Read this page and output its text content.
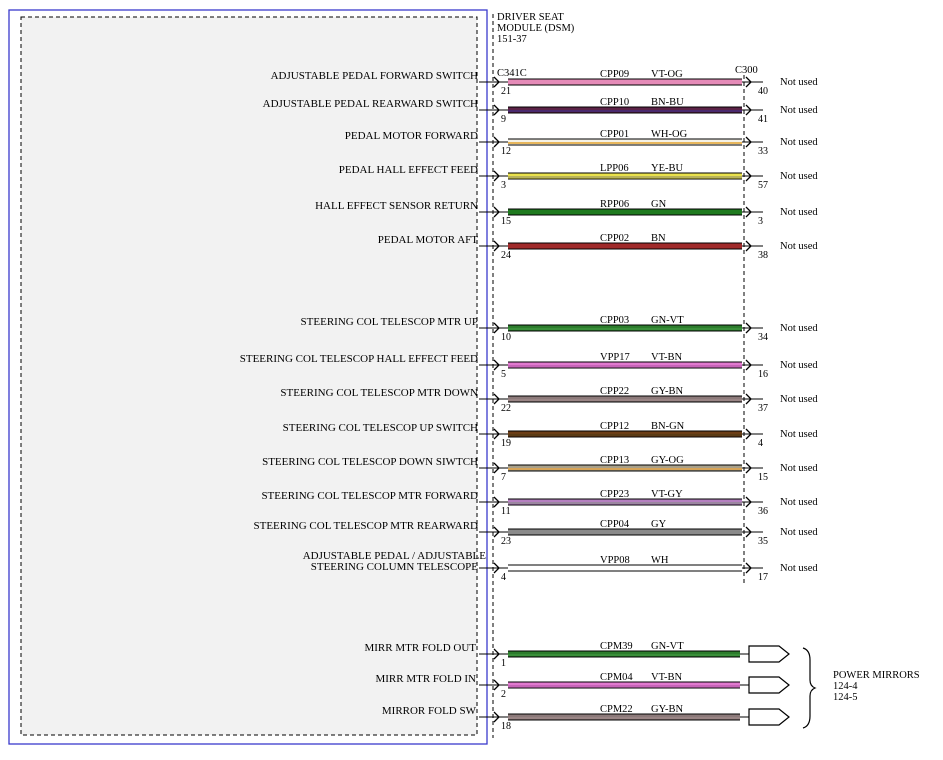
DRIVER SEAT
MODULE (DSM)
151-37
C341C	C300
POWER MIRRORS
124-4
124-5
ADJUSTABLE PEDAL FORWARD SWITCH
21
CPP09 VT-OG
40
Not used
ADJUSTABLE PEDAL REARWARD SWITCH
9
CPP10 BN-BU
41
Not used
PEDAL MOTOR FORWARD
12
CPP01 WH-OG
33
Not used
PEDAL HALL EFFECT FEED
3
LPP06 YE-BU
57
Not used
HALL EFFECT SENSOR RETURN
15
RPP06 GN
3
Not used
PEDAL MOTOR AFT
24
CPP02 BN
38
Not used
STEERING COL TELESCOP MTR UP
10
CPP03 GN-VT
34
Not used
STEERING COL TELESCOP HALL EFFECT FEED
5
VPP17 VT-BN
16
Not used
STEERING COL TELESCOP MTR DOWN
22
CPP22 GY-BN
37
Not used
STEERING COL TELESCOP UP SWITCH
19
CPP12 BN-GN
4
Not used
STEERING COL TELESCOP DOWN SIWTCH
7
CPP13 GY-OG
15
Not used
STEERING COL TELESCOP MTR FORWARD
11
CPP23 VT-GY
36
Not used
STEERING COL TELESCOP MTR REARWARD
23
CPP04 GY
35
Not used
ADJUSTABLE PEDAL / ADJUSTABLE
STEERING COLUMN TELESCOPE
4
VPP08 WH
17
Not used
MIRR MTR FOLD OUT
1
CPM39 GN-VT
MIRR MTR FOLD IN
2
CPM04 VT-BN
MIRROR FOLD SW
18
CPM22 GY-BN
